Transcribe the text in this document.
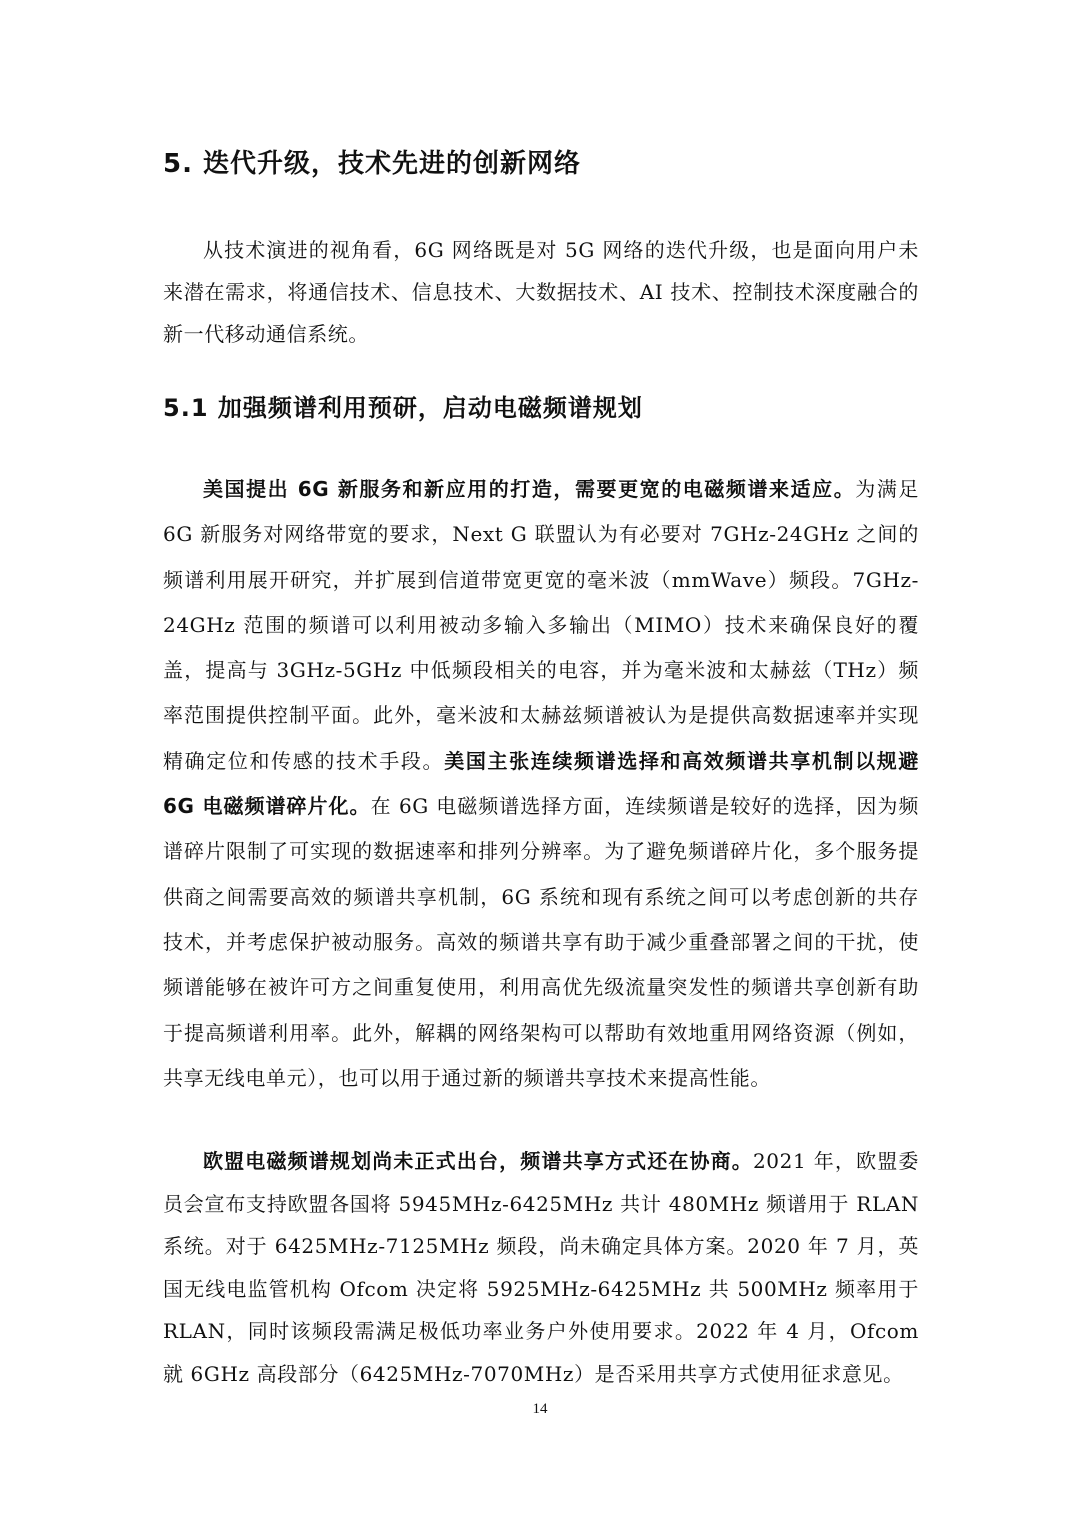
5. 迭代升级，技术先进的创新网络

从技术演进的视角看，6G 网络既是对 5G 网络的迭代升级，也是面向用户未来潜在需求，将通信技术、信息技术、大数据技术、AI 技术、控制技术深度融合的新一代移动通信系统。

5.1 加强频谱利用预研，启动电磁频谱规划

美国提出 6G 新服务和新应用的打造，需要更宽的电磁频谱来适应。为满足 6G 新服务对网络带宽的要求，Next G 联盟认为有必要对 7GHz-24GHz 之间的频谱利用展开研究，并扩展到信道带宽更宽的毫米波（mmWave）频段。7GHz-24GHz 范围的频谱可以利用被动多输入多输出（MIMO）技术来确保良好的覆盖，提高与 3GHz-5GHz 中低频段相关的电容，并为毫米波和太赫兹（THz）频率范围提供控制平面。此外，毫米波和太赫兹频谱被认为是提供高数据速率并实现精确定位和传感的技术手段。美国主张连续频谱选择和高效频谱共享机制以规避 6G 电磁频谱碎片化。在 6G 电磁频谱选择方面，连续频谱是较好的选择，因为频谱碎片限制了可实现的数据速率和排列分辨率。为了避免频谱碎片化，多个服务提供商之间需要高效的频谱共享机制，6G 系统和现有系统之间可以考虑创新的共存技术，并考虑保护被动服务。高效的频谱共享有助于减少重叠部署之间的干扰，使频谱能够在被许可方之间重复使用，利用高优先级流量突发性的频谱共享创新有助于提高频谱利用率。此外，解耦的网络架构可以帮助有效地重用网络资源（例如，共享无线电单元），也可以用于通过新的频谱共享技术来提高性能。

欧盟电磁频谱规划尚未正式出台，频谱共享方式还在协商。2021 年，欧盟委员会宣布支持欧盟各国将 5945MHz-6425MHz 共计 480MHz 频谱用于 RLAN 系统。对于 6425MHz-7125MHz 频段，尚未确定具体方案。2020 年 7 月，英国无线电监管机构 Ofcom 决定将 5925MHz-6425MHz 共 500MHz 频率用于 RLAN，同时该频段需满足极低功率业务户外使用要求。2022 年 4 月，Ofcom 就 6GHz 高段部分（6425MHz-7070MHz）是否采用共享方式使用征求意见。

14
